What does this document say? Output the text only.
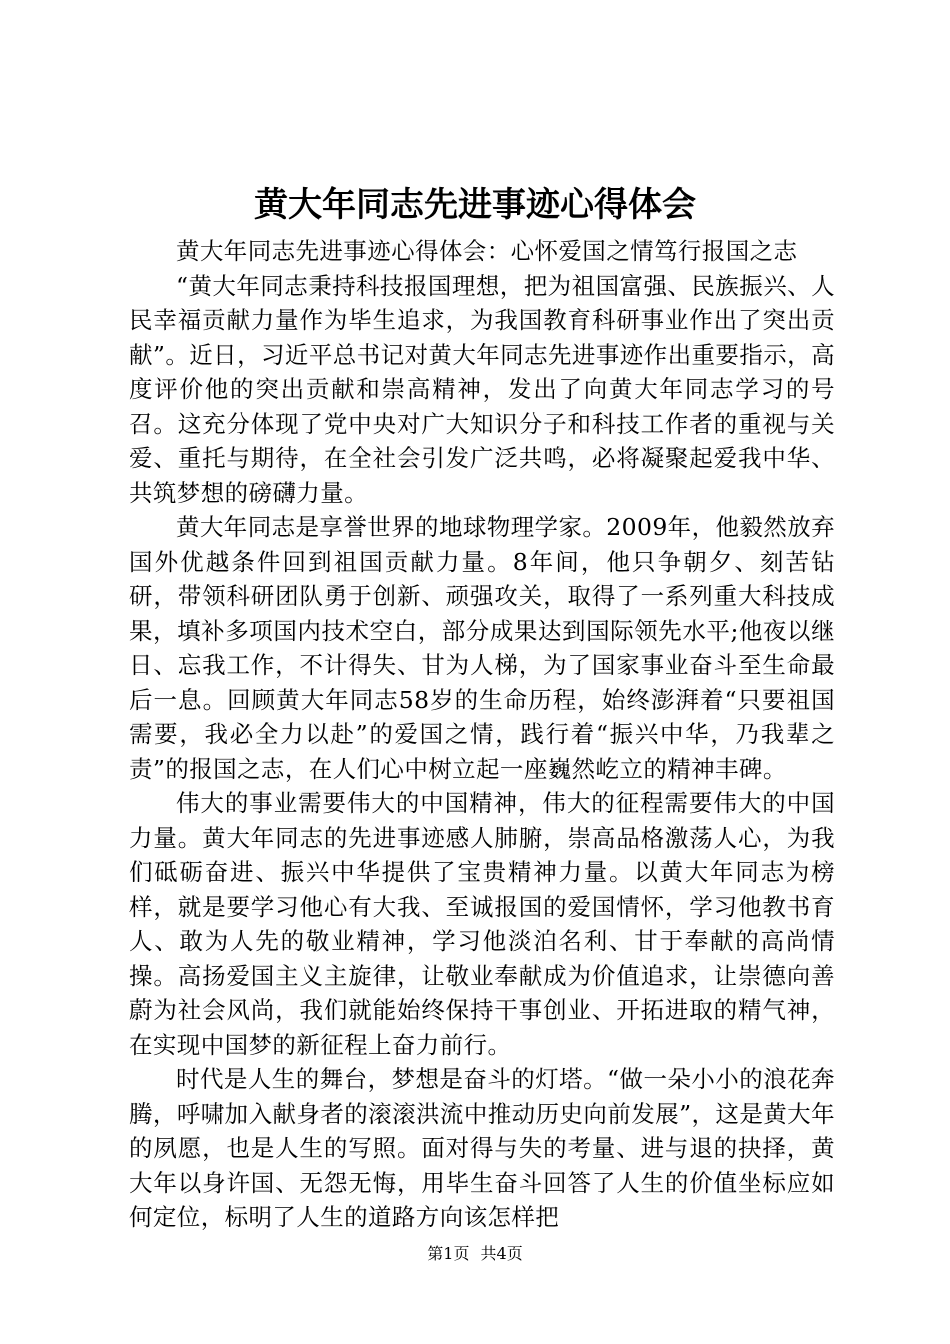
黄大年同志先进事迹心得体会

黄大年同志先进事迹心得体会：心怀爱国之情笃行报国之志

“黄大年同志秉持科技报国理想，把为祖国富强、民族振兴、人民幸福贡献力量作为毕生追求，为我国教育科研事业作出了突出贡献”。近日，习近平总书记对黄大年同志先进事迹作出重要指示，高度评价他的突出贡献和崇高精神，发出了向黄大年同志学习的号召。这充分体现了党中央对广大知识分子和科技工作者的重视与关爱、重托与期待，在全社会引发广泛共鸣，必将凝聚起爱我中华、共筑梦想的磅礴力量。

黄大年同志是享誉世界的地球物理学家。2009年，他毅然放弃国外优越条件回到祖国贡献力量。8年间，他只争朝夕、刻苦钻研，带领科研团队勇于创新、顽强攻关，取得了一系列重大科技成果，填补多项国内技术空白，部分成果达到国际领先水平;他夜以继日、忘我工作，不计得失、甘为人梯，为了国家事业奋斗至生命最后一息。回顾黄大年同志58岁的生命历程，始终澎湃着“只要祖国需要，我必全力以赴”的爱国之情，践行着“振兴中华，乃我辈之责”的报国之志，在人们心中树立起一座巍然屹立的精神丰碑。

伟大的事业需要伟大的中国精神，伟大的征程需要伟大的中国力量。黄大年同志的先进事迹感人肺腑，崇高品格激荡人心，为我们砥砺奋进、振兴中华提供了宝贵精神力量。以黄大年同志为榜样，就是要学习他心有大我、至诚报国的爱国情怀，学习他教书育人、敢为人先的敬业精神，学习他淡泊名利、甘于奉献的高尚情操。高扬爱国主义主旋律，让敬业奉献成为价值追求，让崇德向善蔚为社会风尚，我们就能始终保持干事创业、开拓进取的精气神，在实现中国梦的新征程上奋力前行。

时代是人生的舞台，梦想是奋斗的灯塔。“做一朵小小的浪花奔腾，呼啸加入献身者的滚滚洪流中推动历史向前发展”，这是黄大年的夙愿，也是人生的写照。面对得与失的考量、进与退的抉择，黄大年以身许国、无怨无悔，用毕生奋斗回答了人生的价值坐标应如何定位，标明了人生的道路方向该怎样把

第1页 共4页
